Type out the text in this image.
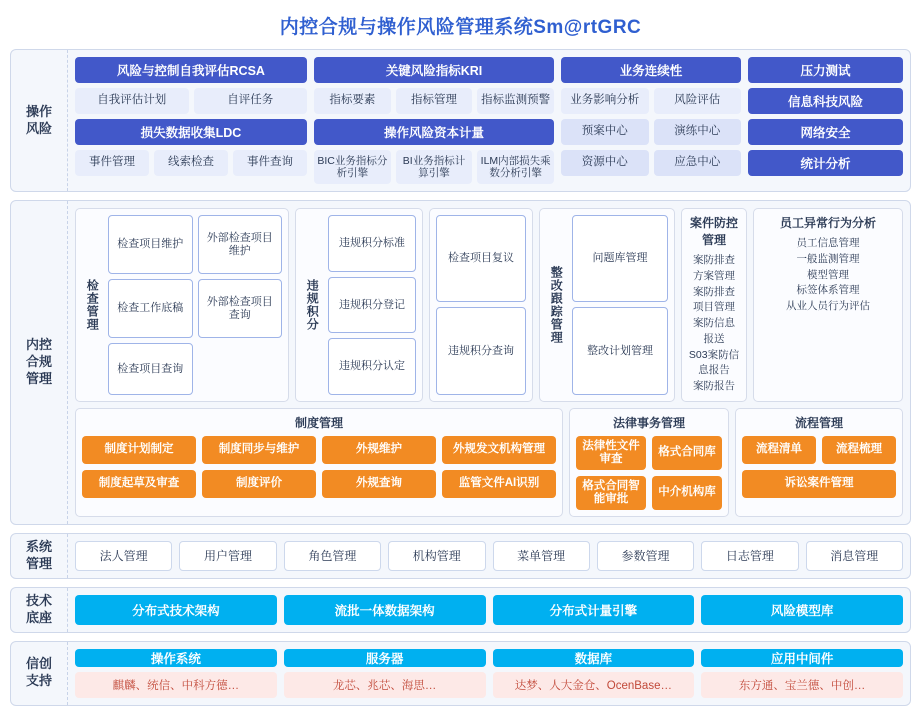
内控合规与操作风险管理系统Sm@rtGRC
操作
风险
风险与控制自我评估RCSA
自我评估计划	自评任务
损失数据收集LDC
事件管理	线索检查	事件查询
关键风险指标KRI
指标要素	指标管理	指标监测预警
操作风险资本计量
BIC业务指标分析引擎
BI业务指标计算引擎
ILM内部损失乘数分析引擎
业务连续性
业务影响分析	风险评估
预案中心	演练中心
资源中心	应急中心
压力测试
信息科技风险
网络安全
统计分析
内控
合规
管理
检查管理
检查项目维护
外部检查项目维护
检查工作底稿
外部检查项目查询
检查项目查询
违规积分
违规积分标准
违规积分登记
违规积分认定
检查项目复议
违规积分查询
整改跟踪管理
问题库管理
整改计划管理
案件防控管理
案防排查方案管理
案防排查项目管理
案防信息报送
S03案防信息报告
案防报告
员工异常行为分析
员工信息管理
一般监测管理
模型管理
标签体系管理
从业人员行为评估
制度管理
制度计划制定	制度同步与维护	外规维护	外规发文机构管理
制度起草及审查	制度评价	外规查询	监管文件AI识别
法律事务管理
法律性文件审查
格式合同库
格式合同智能审批
中介机构库
流程管理
流程清单	流程梳理
诉讼案件管理
系统
管理	法人管理	用户管理	角色管理	机构管理	菜单管理	参数管理	日志管理	消息管理
技术
底座	分布式技术架构	流批一体数据架构	分布式计量引擎	风险模型库
信创
支持
操作系统
麒麟、统信、中科方德…
服务器
龙芯、兆芯、海思…
数据库
达梦、人大金仓、OcenBase…
应用中间件
东方通、宝兰德、中创…
